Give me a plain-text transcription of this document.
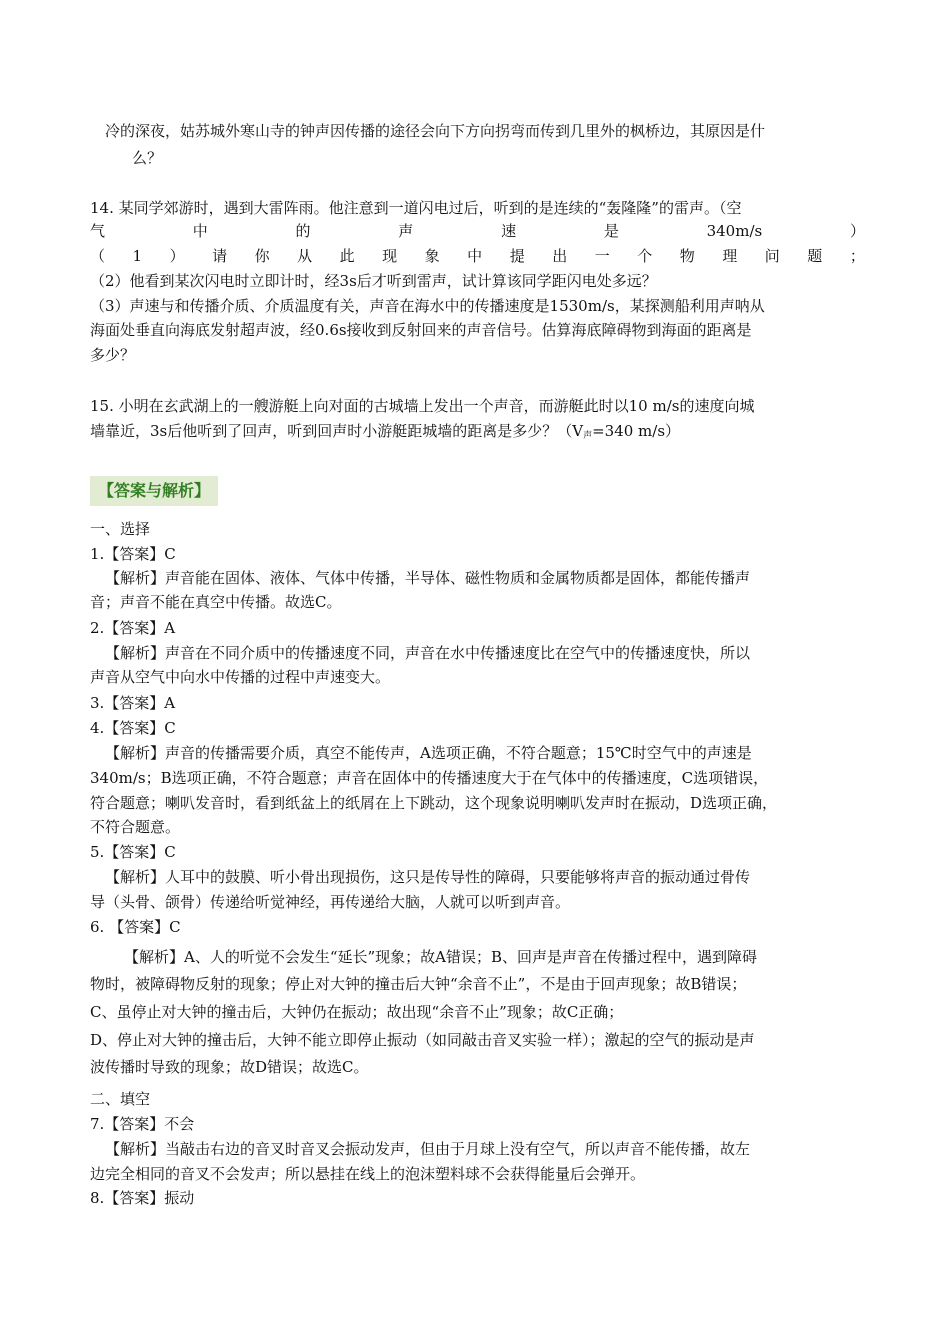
冷的深夜，姑苏城外寒山寺的钟声因传播的途径会向下方向拐弯而传到几里外的枫桥边，其原因是什
么？
14. 某同学郊游时，遇到大雷阵雨。他注意到一道闪电过后，听到的是连续的“轰隆隆”的雷声。（空
气	中	的	声	速	是	340m/s	）
（ 1 ） 请 你 从 此 现 象 中 提 出 一 个 物 理 问 题 ；
（2）他看到某次闪电时立即计时，经3s后才听到雷声，试计算该同学距闪电处多远？
（3）声速与和传播介质、介质温度有关，声音在海水中的传播速度是1530m/s，某探测船利用声呐从
海面处垂直向海底发射超声波，经0.6s接收到反射回来的声音信号。估算海底障碍物到海面的距离是
多少？
15. 小明在玄武湖上的一艘游艇上向对面的古城墙上发出一个声音，而游艇此时以10 m/s的速度向城
墙靠近，3s后他听到了回声，听到回声时小游艇距城墙的距离是多少？（$V_声=340$ m/s）
【答案与解析】
一、选择
1.【答案】C
【解析】声音能在固体、液体、气体中传播，半导体、磁性物质和金属物质都是固体，都能传播声
音；声音不能在真空中传播。故选C。
2.【答案】A
【解析】声音在不同介质中的传播速度不同，声音在水中传播速度比在空气中的传播速度快，所以
声音从空气中向水中传播的过程中声速变大。
3.【答案】A
4.【答案】C
【解析】声音的传播需要介质，真空不能传声，A选项正确，不符合题意；15℃时空气中的声速是
340m/s；B选项正确，不符合题意；声音在固体中的传播速度大于在气体中的传播速度，C选项错误，
符合题意；喇叭发音时，看到纸盆上的纸屑在上下跳动，这个现象说明喇叭发声时在振动，D选项正确，
不符合题意。
5.【答案】C
【解析】人耳中的鼓膜、听小骨出现损伤，这只是传导性的障碍，只要能够将声音的振动通过骨传
导（头骨、颌骨）传递给听觉神经，再传递给大脑，人就可以听到声音。
6. 【答案】C
【解析】A、人的听觉不会发生“延长”现象；故A错误；B、回声是声音在传播过程中，遇到障碍
物时，被障碍物反射的现象；停止对大钟的撞击后大钟“余音不止”，不是由于回声现象；故B错误；
C、虽停止对大钟的撞击后，大钟仍在振动；故出现“余音不止”现象；故C正确；
D、停止对大钟的撞击后，大钟不能立即停止振动（如同敲击音叉实验一样）；激起的空气的振动是声
波传播时导致的现象；故D错误；故选C。
二、填空
7.【答案】不会
【解析】当敲击右边的音叉时音叉会振动发声，但由于月球上没有空气，所以声音不能传播，故左
边完全相同的音叉不会发声；所以悬挂在线上的泡沫塑料球不会获得能量后会弹开。
8.【答案】振动
